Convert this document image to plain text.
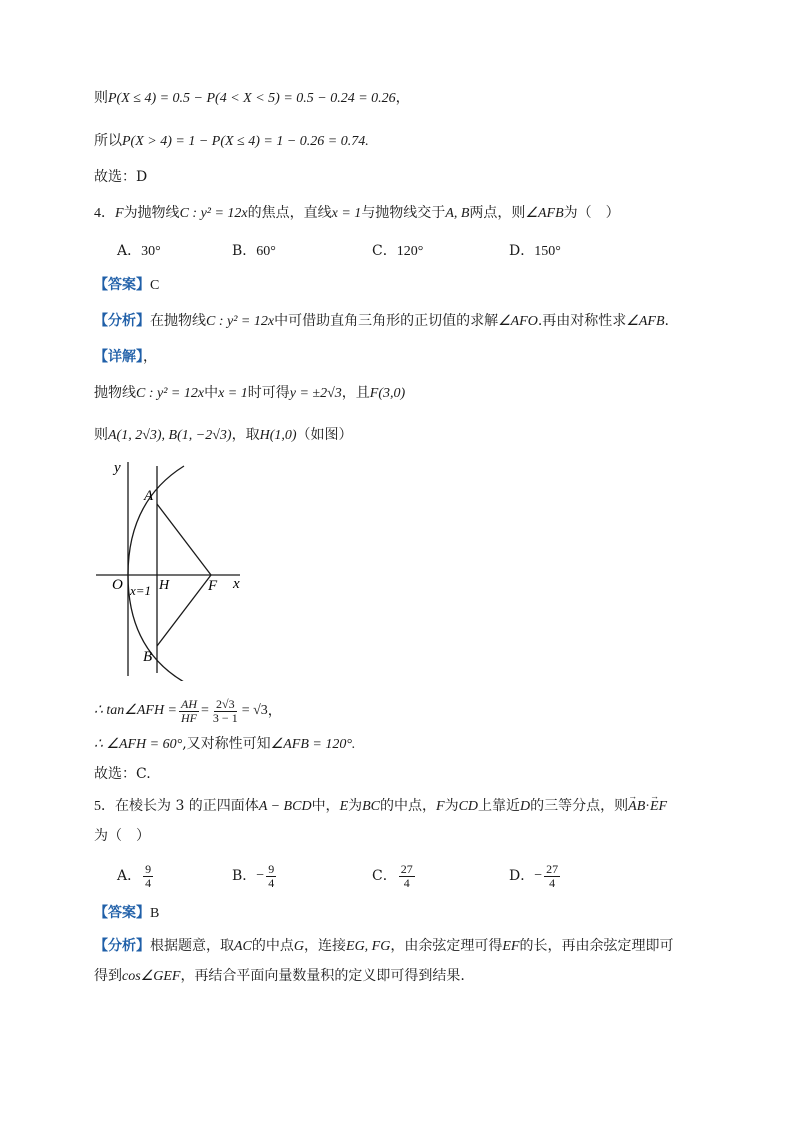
则P(X ≤ 4) = 0.5 − P(4 < X < 5) = 0.5 − 0.24 = 0.26，
所以P(X > 4) = 1 − P(X ≤ 4) = 1 − 0.26 = 0.74.
故选：D
4．F为抛物线C : y² = 12x的焦点，直线x = 1与抛物线交于A, B两点，则∠AFB为（　）
A．30°	B．60°	C．120°	D．150°
【答案】C
【分析】在抛物线C : y² = 12x中可借助直角三角形的正切值的求解∠AFO.再由对称性求∠AFB.
【详解】，
抛物线C : y² = 12x中x = 1时可得y = ±2√3，且F(3,0)
则A(1, 2√3), B(1, −2√3)，取H(1,0)（如图）
y
A
O	H	F x
x=1
B
∴ tan∠AFH = $\frac{AH}{HF} = \frac{2√3}{3 - 1} = √3$ ，
∴ ∠AFH = 60°,又对称性可知∠AFB = 120°.
故选：C.
5．在棱长为 3 的正四面体A − BCD中，E为BC的中点，F为CD上靠近D的三等分点，则→ AB·→ EF
为（　）
A． $\frac{9}{4}$	B． − $\frac{9}{4}$	C． $\frac{27}{4}$	D． − $\frac{27}{4}$
【答案】B
【分析】根据题意，取AC的中点G，连接EG, FG，由余弦定理可得EF的长，再由余弦定理即可
得到cos∠GEF，再结合平面向量数量积的定义即可得到结果.
